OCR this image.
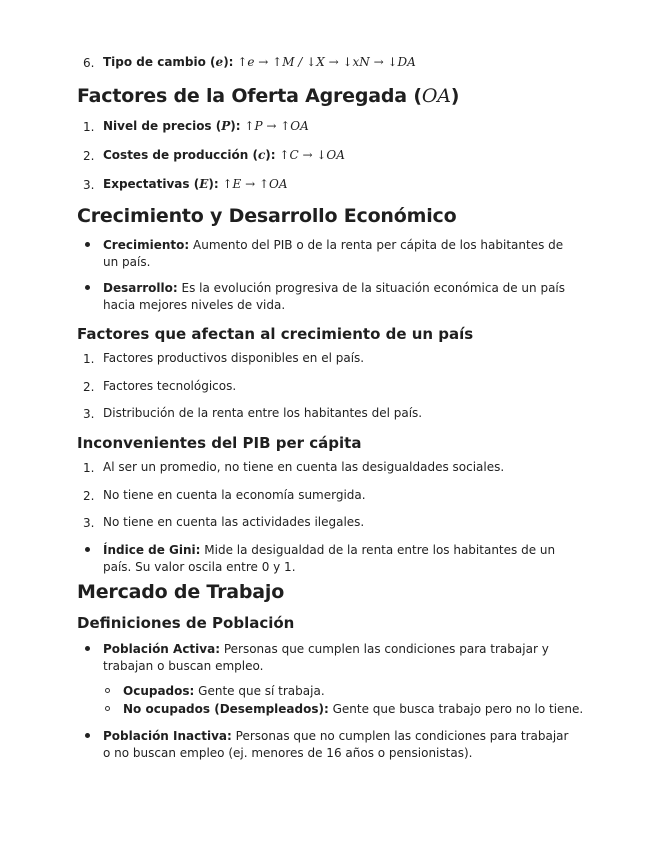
6. Tipo de cambio (e): ↑e → ↑M / ↓X → ↓xN → ↓DA
Factores de la Oferta Agregada (OA)
1. Nivel de precios (P): ↑P → ↑OA
2. Costes de producción (c): ↑C → ↓OA
3. Expectativas (E): ↑E → ↑OA
Crecimiento y Desarrollo Económico
Crecimiento: Aumento del PIB o de la renta per cápita de los habitantes de un país.
Desarrollo: Es la evolución progresiva de la situación económica de un país hacia mejores niveles de vida.
Factores que afectan al crecimiento de un país
1. Factores productivos disponibles en el país.
2. Factores tecnológicos.
3. Distribución de la renta entre los habitantes del país.
Inconvenientes del PIB per cápita
1. Al ser un promedio, no tiene en cuenta las desigualdades sociales.
2. No tiene en cuenta la economía sumergida.
3. No tiene en cuenta las actividades ilegales.
Índice de Gini: Mide la desigualdad de la renta entre los habitantes de un país. Su valor oscila entre 0 y 1.
Mercado de Trabajo
Definiciones de Población
Población Activa: Personas que cumplen las condiciones para trabajar y trabajan o buscan empleo.
Ocupados: Gente que sí trabaja.
No ocupados (Desempleados): Gente que busca trabajo pero no lo tiene.
Población Inactiva: Personas que no cumplen las condiciones para trabajar o no buscan empleo (ej. menores de 16 años o pensionistas).
